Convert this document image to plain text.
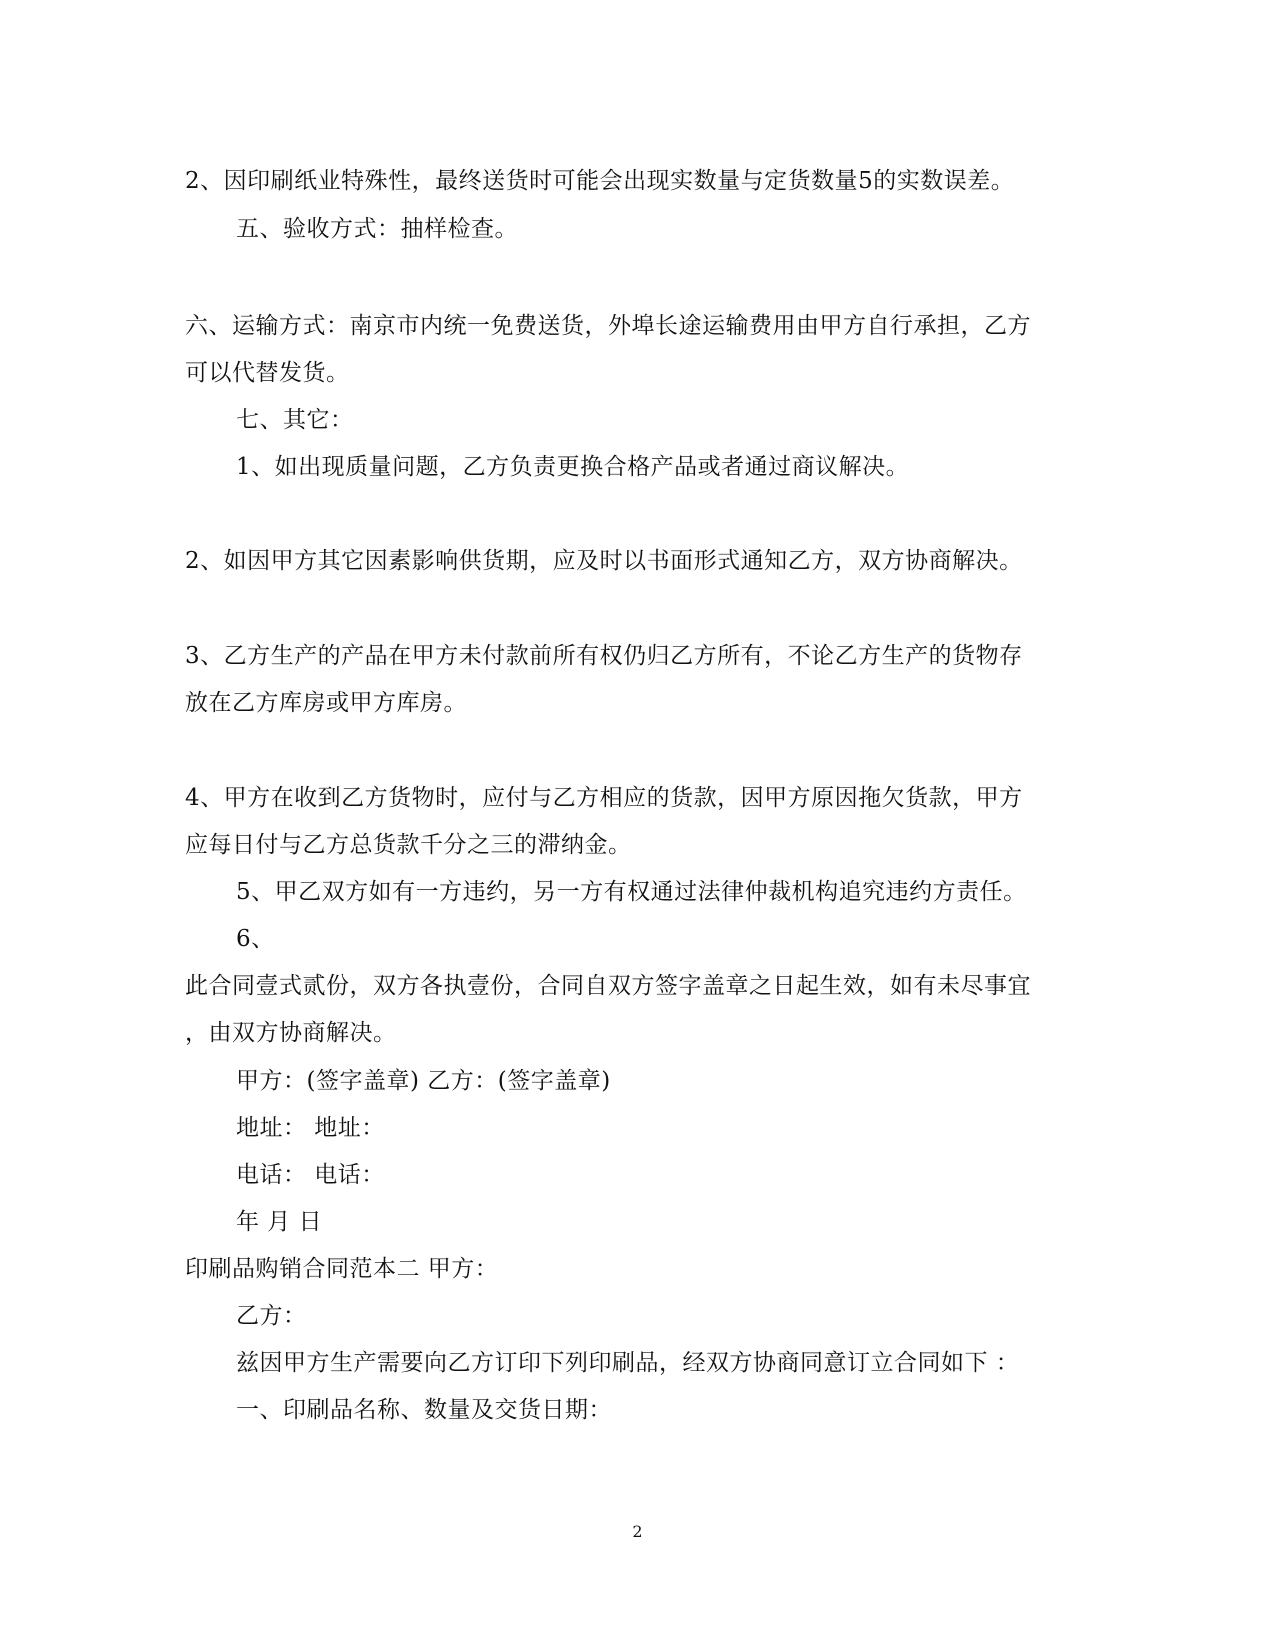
2、因印刷纸业特殊性，最终送货时可能会出现实数量与定货数量5的实数误差。
五、验收方式：抽样检查。
六、运输方式：南京市内统一免费送货，外埠长途运输费用由甲方自行承担，乙方
可以代替发货。
七、其它：
1、如出现质量问题，乙方负责更换合格产品或者通过商议解决。
2、如因甲方其它因素影响供货期，应及时以书面形式通知乙方，双方协商解决。
3、乙方生产的产品在甲方未付款前所有权仍归乙方所有，不论乙方生产的货物存
放在乙方库房或甲方库房。
4、甲方在收到乙方货物时，应付与乙方相应的货款，因甲方原因拖欠货款，甲方
应每日付与乙方总货款千分之三的滞纳金。
5、甲乙双方如有一方违约，另一方有权通过法律仲裁机构追究违约方责任。
6、
此合同壹式贰份，双方各执壹份，合同自双方签字盖章之日起生效，如有未尽事宜
，由双方协商解决。
甲方：(签字盖章) 乙方：(签字盖章)
地址： 地址：
电话： 电话：
年 月 日
印刷品购销合同范本二 甲方：
乙方：
兹因甲方生产需要向乙方订印下列印刷品，经双方协商同意订立合同如下 ：
一、印刷品名称、数量及交货日期：
2
